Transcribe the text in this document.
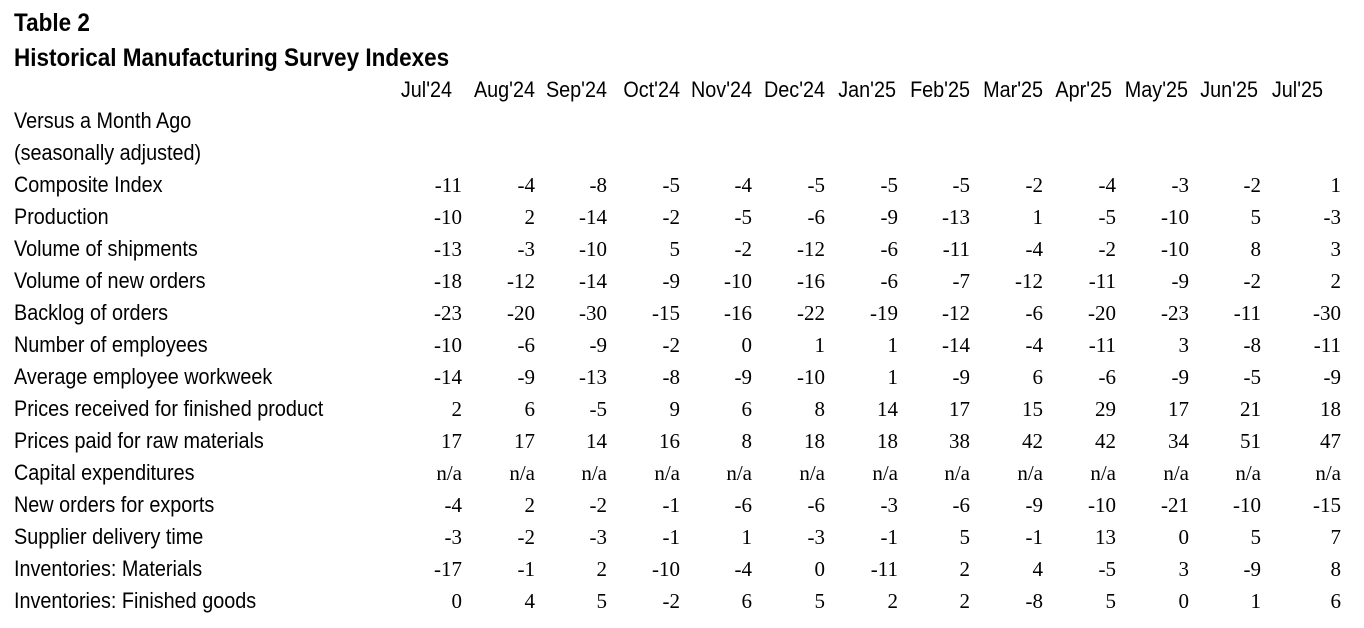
Table 2
Historical Manufacturing Survey Indexes
Jul'24 Aug'24 Sep'24 Oct'24 Nov'24 Dec'24 Jan'25 Feb'25 Mar'25 Apr'25 May'25 Jun'25 Jul'25
Versus a Month Ago
(seasonally adjusted)
Composite Index	-11	-4	-8	-5	-4	-5	-5	-5	-2	-4	-3	-2	1
Production	-10	2	-14	-2	-5	-6	-9	-13	1	-5	-10	5	-3
Volume of shipments	-13	-3	-10	5	-2	-12	-6	-11	-4	-2	-10	8	3
Volume of new orders	-18	-12	-14	-9	-10	-16	-6	-7	-12	-11	-9	-2	2
Backlog of orders	-23	-20	-30	-15	-16	-22	-19	-12	-6	-20	-23	-11	-30
Number of employees	-10	-6	-9	-2	0	1	1	-14	-4	-11	3	-8	-11
Average employee workweek	-14	-9	-13	-8	-9	-10	1	-9	6	-6	-9	-5	-9
Prices received for finished product	2	6	-5	9	6	8	14	17	15	29	17	21	18
Prices paid for raw materials	17	17	14	16	8	18	18	38	42	42	34	51	47
Capital expenditures	n/a	n/a	n/a	n/a	n/a	n/a	n/a	n/a	n/a	n/a	n/a	n/a	n/a
New orders for exports	-4	2	-2	-1	-6	-6	-3	-6	-9	-10	-21	-10	-15
Supplier delivery time	-3	-2	-3	-1	1	-3	-1	5	-1	13	0	5	7
Inventories: Materials	-17	-1	2	-10	-4	0	-11	2	4	-5	3	-9	8
Inventories: Finished goods	0	4	5	-2	6	5	2	2	-8	5	0	1	6
